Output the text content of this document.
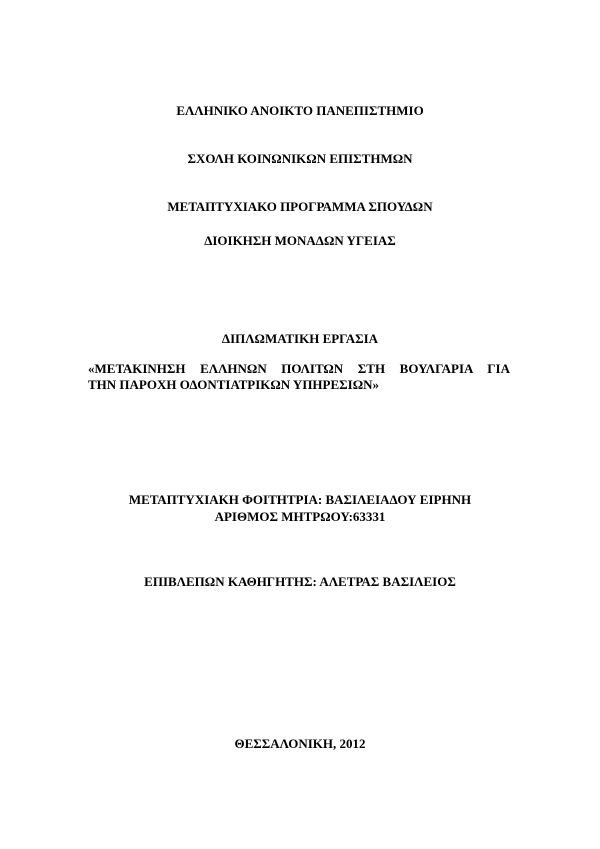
ΕΛΛΗΝΙΚΟ ΑΝΟΙΚΤΟ ΠΑΝΕΠΙΣΤΗΜΙΟ

ΣΧΟΛΗ ΚΟΙΝΩΝΙΚΩΝ ΕΠΙΣΤΗΜΩΝ

ΜΕΤΑΠΤΥΧΙΑΚΟ ΠΡΟΓΡΑΜΜΑ ΣΠΟΥΔΩΝ

ΔΙΟΙΚΗΣΗ ΜΟΝΑΔΩΝ ΥΓΕΙΑΣ

ΔΙΠΛΩΜΑΤΙΚΗ ΕΡΓΑΣΙΑ

«ΜΕΤΑΚΙΝΗΣΗ ΕΛΛΗΝΩΝ ΠΟΛΙΤΩΝ ΣΤΗ ΒΟΥΛΓΑΡΙΑ ΓΙΑ
ΤΗΝ ΠΑΡΟΧΗ ΟΔΟΝΤΙΑΤΡΙΚΩΝ ΥΠΗΡΕΣΙΩΝ»

ΜΕΤΑΠΤΥΧΙΑΚΗ ΦΟΙΤΗΤΡΙΑ: ΒΑΣΙΛΕΙΑΔΟΥ ΕΙΡΗΝΗ

ΑΡΙΘΜΟΣ ΜΗΤΡΩΟΥ:63331

ΕΠΙΒΛΕΠΩΝ ΚΑΘΗΓΗΤΗΣ: ΑΛΕΤΡΑΣ ΒΑΣΙΛΕΙΟΣ

ΘΕΣΣΑΛΟΝΙΚΗ, 2012
